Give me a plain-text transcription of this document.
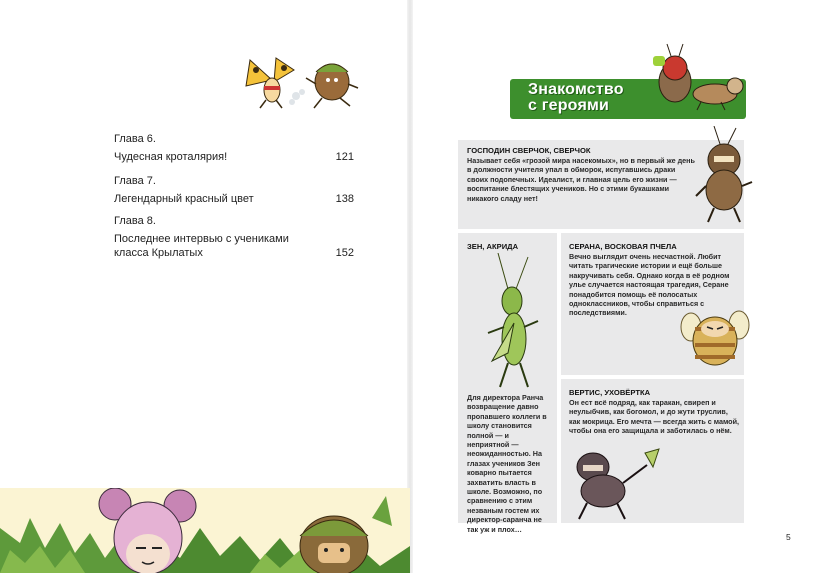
Глава 6.
Чудесная кроталярия!	121
Глава 7.
Легендарный красный цвет	138
Глава 8.
Последнее интервью с учениками класса Крылатых	152
Знакомство
с героями
ГОСПОДИН СВЕРЧОК, СВЕРЧОК
Называет себя «грозой мира насекомых», но в первый же день в должности учителя упал в обморок, испугавшись драки своих подопечных. Идеалист, и главная цель его жизни — воспитание блестящих учеников. Но с этими букашками никакого сладу нет!
ЗЕН, АКРИДА
Для директора Ранча возвращение давно пропавшего коллеги в школу становится полной — и неприятной — неожиданностью. На глазах учеников Зен коварно пытается захватить власть в школе. Возможно, по сравнению с этим незваным гостем их директор-саранча не так уж и плох…
СЕРАНА, ВОСКОВАЯ ПЧЕЛА
Вечно выглядит очень несчастной. Любит читать трагические истории и ещё больше накручивать себя. Однако когда в её родном улье случается настоящая трагедия, Серане понадобится помощь её полосатых одноклассников, чтобы справиться с последствиями.
ВЕРТИС, УХОВЁРТКА
Он ест всё подряд, как таракан, свиреп и неулыбчив, как богомол, и до жути труслив, как мокрица. Его мечта — всегда жить с мамой, чтобы она его защищала и заботилась о нём.
5
